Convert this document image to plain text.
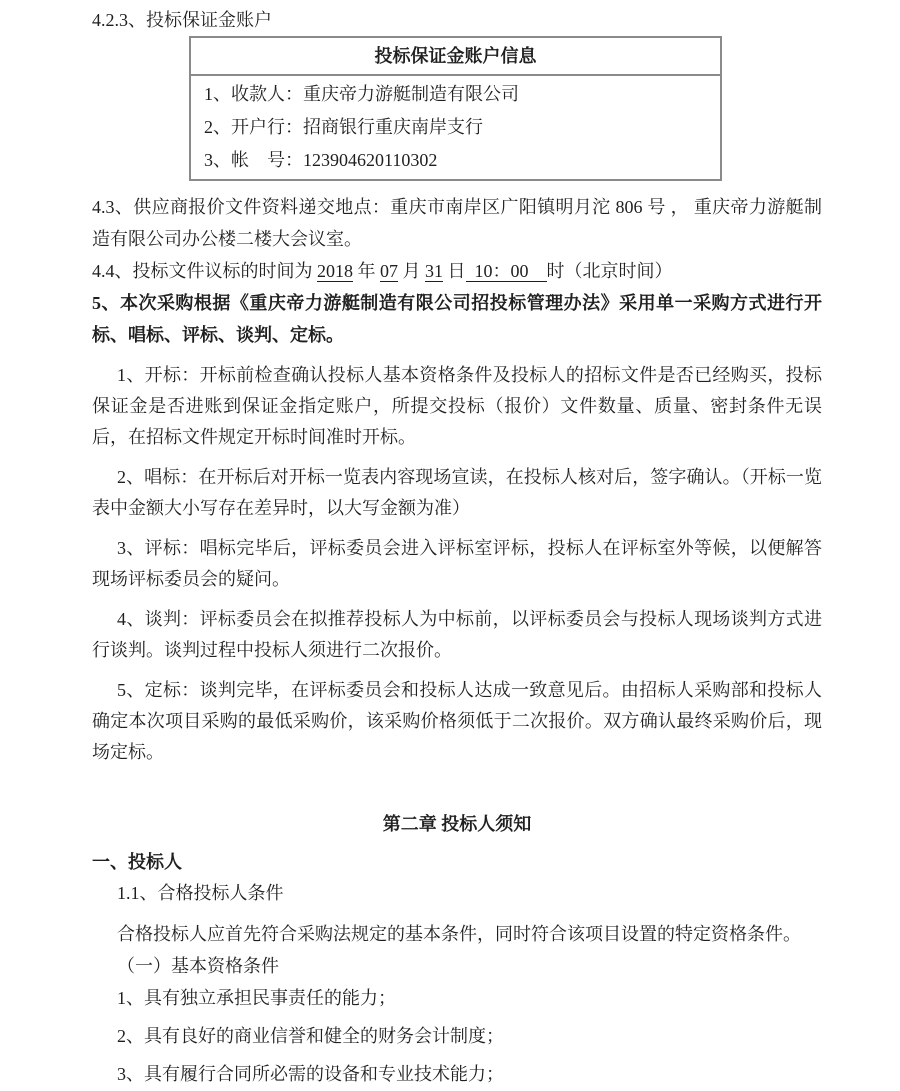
4.2.3、投标保证金账户
投标保证金账户信息
1、收款人：重庆帝力游艇制造有限公司
2、开户行：招商银行重庆南岸支行
3、帐　号：123904620110302

4.3、供应商报价文件资料递交地点：重庆市南岸区广阳镇明月沱 806 号 ， 重庆帝力游艇制造有限公司办公楼二楼大会议室。

4.4、投标文件议标的时间为 2018 年 07 月 31 日  10：00    时（北京时间）

5、本次采购根据《重庆帝力游艇制造有限公司招投标管理办法》采用单一采购方式进行开标、唱标、评标、谈判、定标。

1、开标：开标前检查确认投标人基本资格条件及投标人的招标文件是否已经购买，投标保证金是否进账到保证金指定账户，所提交投标（报价）文件数量、质量、密封条件无误后，在招标文件规定开标时间准时开标。

2、唱标：在开标后对开标一览表内容现场宣读，在投标人核对后，签字确认。（开标一览表中金额大小写存在差异时，以大写金额为准）

3、评标：唱标完毕后，评标委员会进入评标室评标，投标人在评标室外等候，以便解答现场评标委员会的疑问。

4、谈判：评标委员会在拟推荐投标人为中标前，以评标委员会与投标人现场谈判方式进行谈判。谈判过程中投标人须进行二次报价。

5、定标：谈判完毕，在评标委员会和投标人达成一致意见后。由招标人采购部和投标人确定本次项目采购的最低采购价，该采购价格须低于二次报价。双方确认最终采购价后，现场定标。

第二章 投标人须知

一、投标人

1.1、合格投标人条件

合格投标人应首先符合采购法规定的基本条件，同时符合该项目设置的特定资格条件。

（一）基本资格条件

1、具有独立承担民事责任的能力；

2、具有良好的商业信誉和健全的财务会计制度；

3、具有履行合同所必需的设备和专业技术能力；
